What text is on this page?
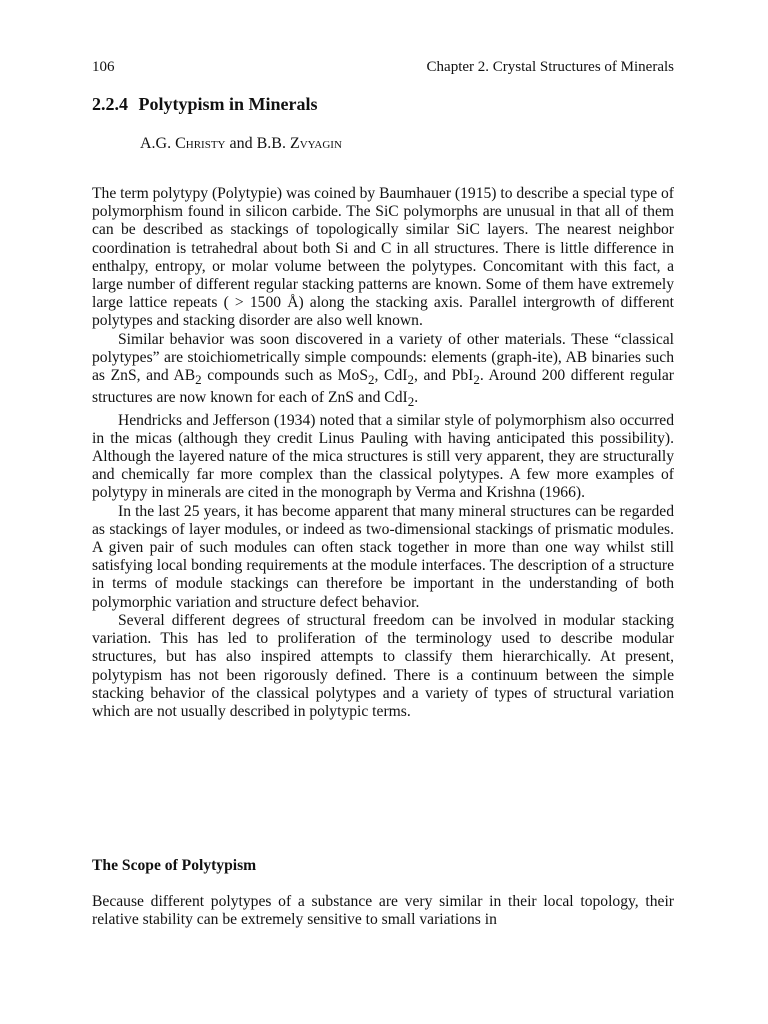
106	Chapter 2. Crystal Structures of Minerals
2.2.4 Polytypism in Minerals
A.G. Christy and B.B. Zvyagin

The term polytypy (Polytypie) was coined by Baumhauer (1915) to describe a special type of polymorphism found in silicon carbide. The SiC polymorphs are unusual in that all of them can be described as stackings of topologically similar SiC layers. The nearest neighbor coordination is tetrahedral about both Si and C in all structures. There is little difference in enthalpy, entropy, or molar volume between the polytypes. Concomitant with this fact, a large number of different regular stacking patterns are known. Some of them have extremely large lattice repeats ( > 1500 Å) along the stacking axis. Parallel intergrowth of different polytypes and stacking disorder are also well known.

Similar behavior was soon discovered in a variety of other materials. These “classical polytypes” are stoichiometrically simple compounds: elements (graph-ite), AB binaries such as ZnS, and $AB_2$ compounds such as MoS$_2$, CdI$_2$, and PbI$_2$. Around 200 different regular structures are now known for each of ZnS and CdI$_2$.

Hendricks and Jefferson (1934) noted that a similar style of polymorphism also occurred in the micas (although they credit Linus Pauling with having anticipated this possibility). Although the layered nature of the mica structures is still very apparent, they are structurally and chemically far more complex than the classical polytypes. A few more examples of polytypy in minerals are cited in the monograph by Verma and Krishna (1966).

In the last 25 years, it has become apparent that many mineral structures can be regarded as stackings of layer modules, or indeed as two-dimensional stackings of prismatic modules. A given pair of such modules can often stack together in more than one way whilst still satisfying local bonding requirements at the module interfaces. The description of a structure in terms of module stackings can therefore be important in the understanding of both polymorphic variation and structure defect behavior.

Several different degrees of structural freedom can be involved in modular stacking variation. This has led to proliferation of the terminology used to describe modular structures, but has also inspired attempts to classify them hierarchically. At present, polytypism has not been rigorously defined. There is a continuum between the simple stacking behavior of the classical polytypes and a variety of types of structural variation which are not usually described in polytypic terms.

The Scope of Polytypism

Because different polytypes of a substance are very similar in their local topology, their relative stability can be extremely sensitive to small variations in
